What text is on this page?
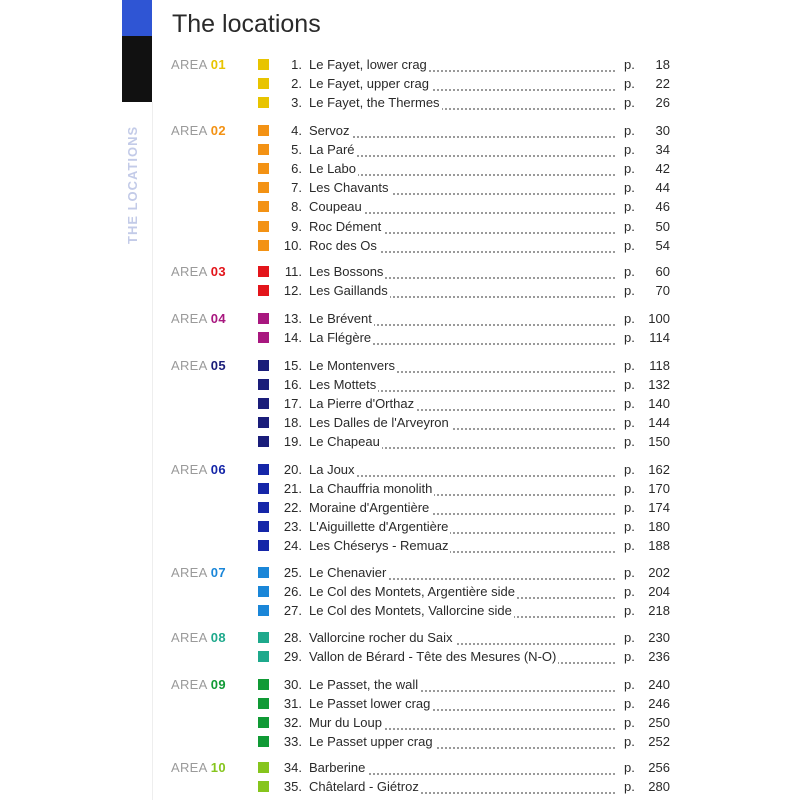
THE LOCATIONS
The locations
AREA 01	1. Le Fayet, lower crag	p.	18
2. Le Fayet, upper crag	p.	22
3. Le Fayet, the Thermes	p.	26
AREA 02	4. Servoz	p.	30
5. La Paré	p.	34
6. Le Labo	p.	42
7. Les Chavants	p.	44
8. Coupeau	p.	46
9. Roc Dément	p.	50
10. Roc des Os	p.	54
AREA 03	11. Les Bossons	p.	60
12. Les Gaillands	p.	70
AREA 04	13. Le Brévent	p.	100
14. La Flégère	p.	114
AREA 05	15. Le Montenvers	p.	118
16. Les Mottets	p.	132
17. La Pierre d'Orthaz	p.	140
18. Les Dalles de l'Arveyron	p.	144
19. Le Chapeau	p.	150
AREA 06	20. La Joux	p.	162
21. La Chauffria monolith	p.	170
22. Moraine d'Argentière	p.	174
23. L'Aiguillette d'Argentière	p.	180
24. Les Chéserys - Remuaz	p.	188
AREA 07	25. Le Chenavier	p.	202
26. Le Col des Montets, Argentière side	p.	204
27. Le Col des Montets, Vallorcine side	p.	218
AREA 08	28. Vallorcine rocher du Saix	p.	230
29. Vallon de Bérard - Tête des Mesures (N-O)	p.	236
AREA 09	30. Le Passet, the wall	p.	240
31. Le Passet lower crag	p.	246
32. Mur du Loup	p.	250
33. Le Passet upper crag	p.	252
AREA 10	34. Barberine	p.	256
35. Châtelard - Giétroz	p.	280
